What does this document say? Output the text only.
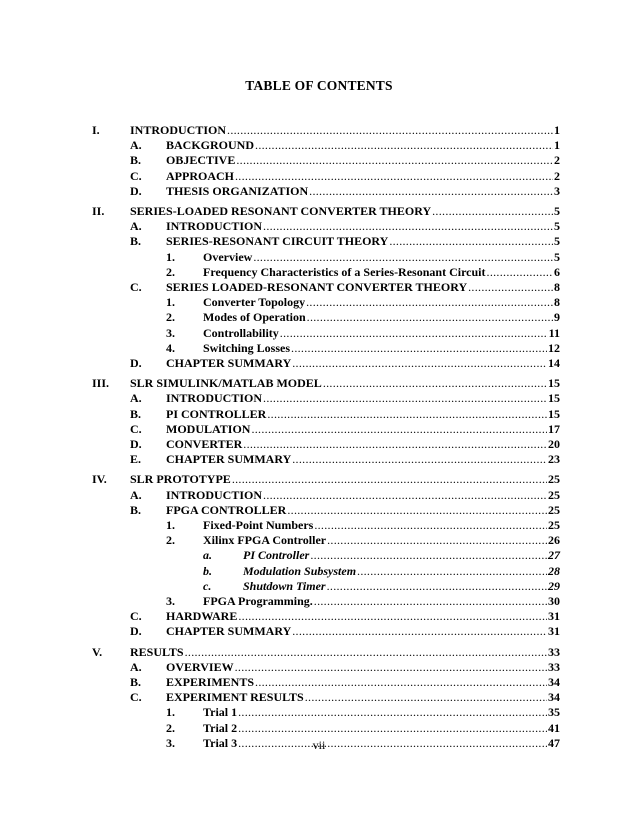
TABLE OF CONTENTS
I.	INTRODUCTION .....	1
A.	BACKGROUND .....	1
B.	OBJECTIVE .....	2
C.	APPROACH .....	2
D.	THESIS ORGANIZATION .....	3
II.	SERIES-LOADED RESONANT CONVERTER THEORY .....	5
A.	INTRODUCTION .....	5
B.	SERIES-RESONANT CIRCUIT THEORY .....	5
1.	Overview .....	5
2.	Frequency Characteristics of a Series-Resonant Circuit .....	6
C.	SERIES LOADED-RESONANT CONVERTER THEORY .....	8
1.	Converter Topology .....	8
2.	Modes of Operation .....	9
3.	Controllability .....	11
4.	Switching Losses .....	12
D.	CHAPTER SUMMARY .....	14
III.	SLR SIMULINK/MATLAB MODEL .....	15
A.	INTRODUCTION .....	15
B.	PI CONTROLLER .....	15
C.	MODULATION .....	17
D.	CONVERTER .....	20
E.	CHAPTER SUMMARY .....	23
IV.	SLR PROTOTYPE .....	25
A.	INTRODUCTION .....	25
B.	FPGA CONTROLLER .....	25
1.	Fixed-Point Numbers .....	25
2.	Xilinx FPGA Controller .....	26
a.	PI Controller .....	27
b.	Modulation Subsystem .....	28
c.	Shutdown Timer .....	29
3.	FPGA Programming. .....	30
C.	HARDWARE .....	31
D.	CHAPTER SUMMARY .....	31
V.	RESULTS .....	33
A.	OVERVIEW .....	33
B.	EXPERIMENTS .....	34
C.	EXPERIMENT RESULTS .....	34
1.	Trial 1 .....	35
2.	Trial 2 .....	41
3.	Trial 3 .....	47
vii
